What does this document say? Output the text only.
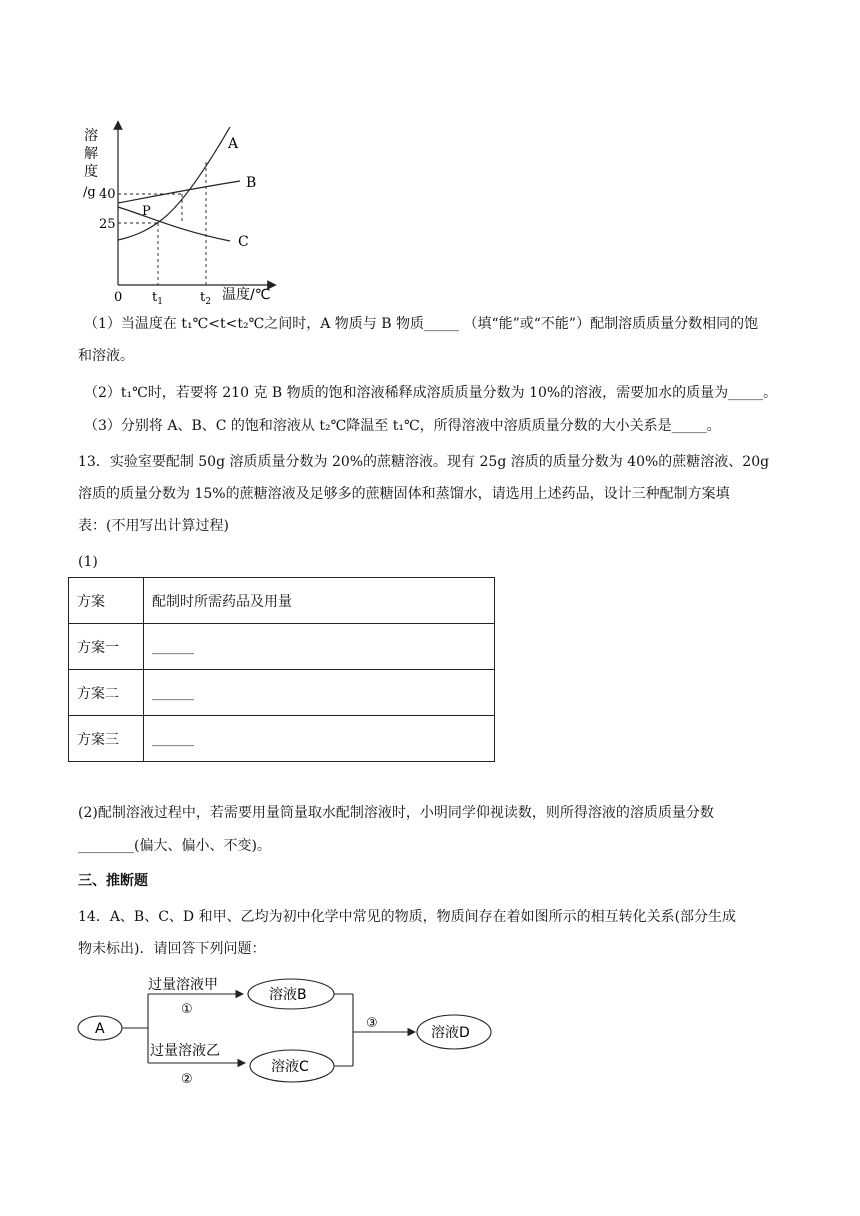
溶
解
度
/g 40
25
A
B
C
P
0 $t_1$	$t_2$ 温度/℃
（1）当温度在 t₁℃<t<t₂℃之间时，A 物质与 B 物质_____ （填“能”或“不能”）配制溶质质量分数相同的饱
和溶液。
（2）t₁℃时，若要将 210 克 B 物质的饱和溶液稀释成溶质质量分数为 10%的溶液，需要加水的质量为_____。
（3）分别将 A、B、C 的饱和溶液从 t₂℃降温至 t₁℃，所得溶液中溶质质量分数的大小关系是_____。
13．实验室要配制 50g 溶质质量分数为 20%的蔗糖溶液。现有 25g 溶质的质量分数为 40%的蔗糖溶液、20g
溶质的质量分数为 15%的蔗糖溶液及足够多的蔗糖固体和蒸馏水，请选用上述药品，设计三种配制方案填
表：(不用写出计算过程)
(1)
方案	配制时所需药品及用量
方案一	______
方案二	______
方案三	______
(2)配制溶液过程中，若需要用量筒量取水配制溶液时，小明同学仰视读数，则所得溶液的溶质质量分数
________(偏大、偏小、不变)。
三、推断题
14．A、B、C、D 和甲、乙均为初中化学中常见的物质，物质间存在着如图所示的相互转化关系(部分生成
物未标出)．请回答下列问题：
A
过量溶液甲
①
过量溶液乙
②
溶液B
溶液C
③
溶液D
